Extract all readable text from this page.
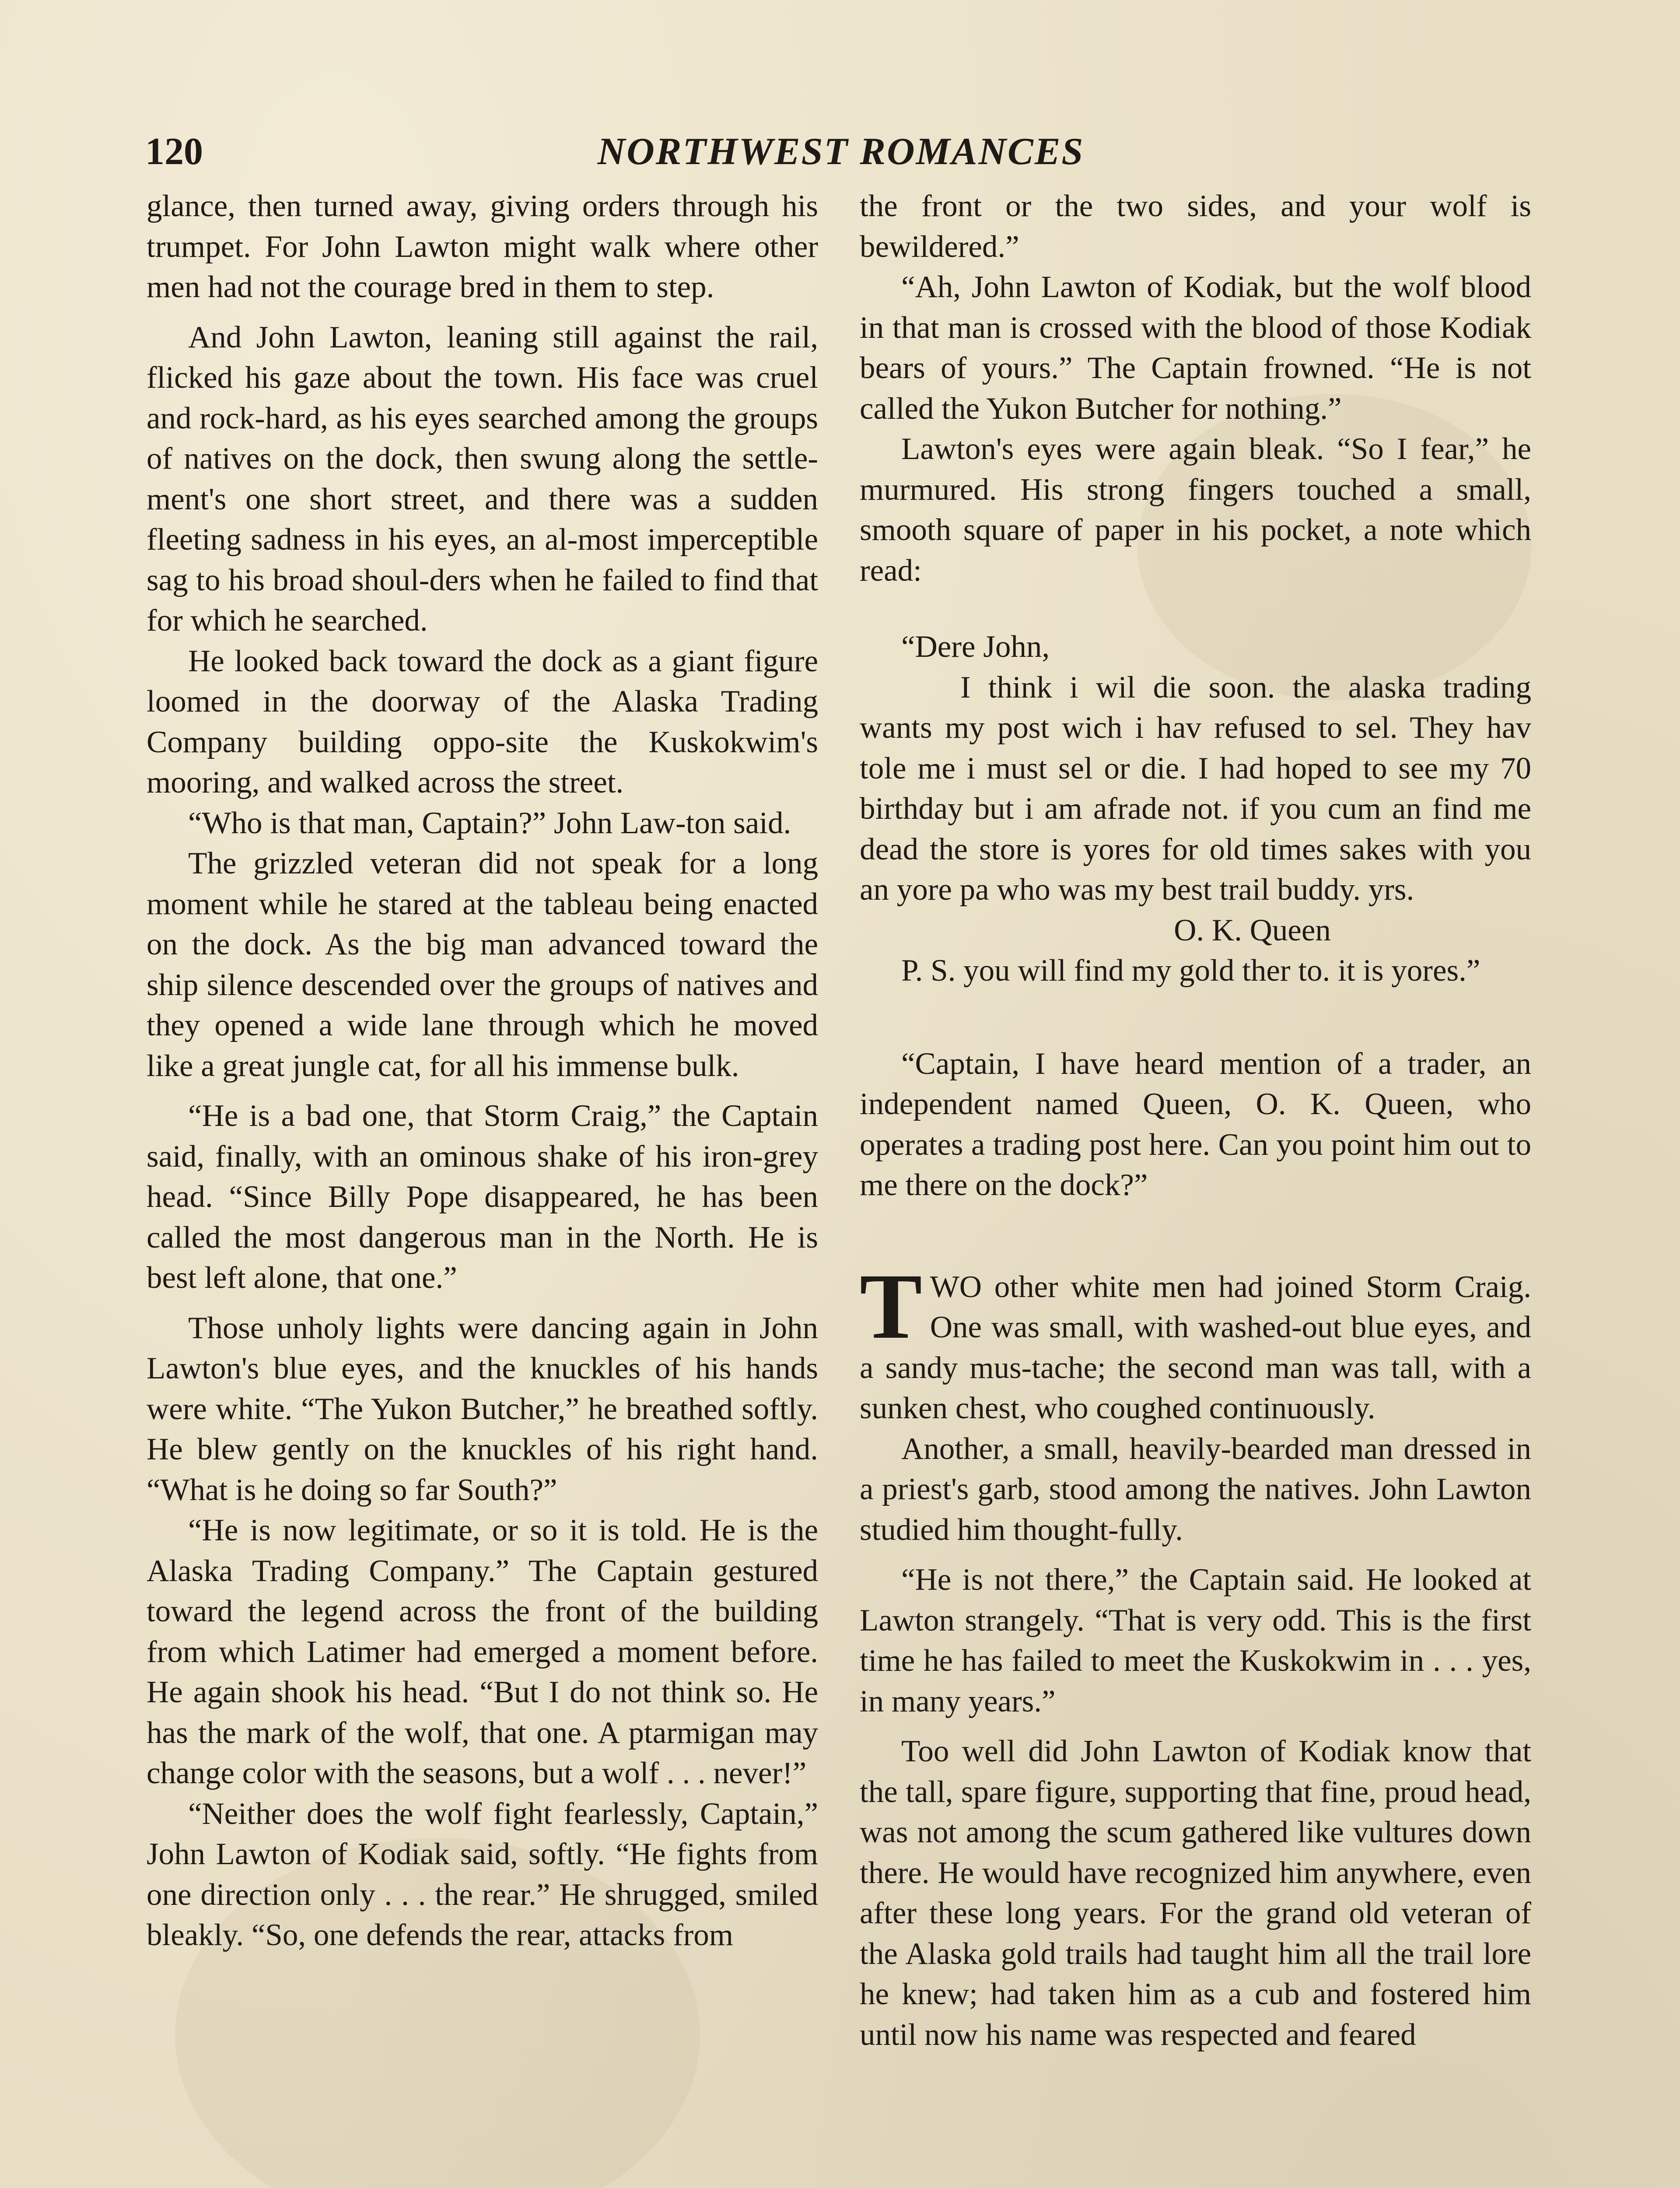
120	NORTHWEST ROMANCES

glance, then turned away, giving orders through his trumpet. For John Lawton might walk where other men had not the courage bred in them to step.

And John Lawton, leaning still against the rail, flicked his gaze about the town. His face was cruel and rock-hard, as his eyes searched among the groups of natives on the dock, then swung along the settle-ment's one short street, and there was a sudden fleeting sadness in his eyes, an al-most imperceptible sag to his broad shoul-ders when he failed to find that for which he searched.

He looked back toward the dock as a giant figure loomed in the doorway of the Alaska Trading Company building oppo-site the Kuskokwim's mooring, and walked across the street.

“Who is that man, Captain?” John Law-ton said.

The grizzled veteran did not speak for a long moment while he stared at the tableau being enacted on the dock. As the big man advanced toward the ship silence descended over the groups of natives and they opened a wide lane through which he moved like a great jungle cat, for all his immense bulk.

“He is a bad one, that Storm Craig,” the Captain said, finally, with an ominous shake of his iron-grey head. “Since Billy Pope disappeared, he has been called the most dangerous man in the North. He is best left alone, that one.”

Those unholy lights were dancing again in John Lawton's blue eyes, and the knuckles of his hands were white. “The Yukon Butcher,” he breathed softly. He blew gently on the knuckles of his right hand. “What is he doing so far South?”

“He is now legitimate, or so it is told. He is the Alaska Trading Company.” The Captain gestured toward the legend across the front of the building from which Latimer had emerged a moment before. He again shook his head. “But I do not think so. He has the mark of the wolf, that one. A ptarmigan may change color with the seasons, but a wolf . . . never!”

“Neither does the wolf fight fearlessly, Captain,” John Lawton of Kodiak said, softly. “He fights from one direction only . . . the rear.” He shrugged, smiled bleakly. “So, one defends the rear, attacks from

the front or the two sides, and your wolf is bewildered.”

“Ah, John Lawton of Kodiak, but the wolf blood in that man is crossed with the blood of those Kodiak bears of yours.” The Captain frowned. “He is not called the Yukon Butcher for nothing.”

Lawton's eyes were again bleak. “So I fear,” he murmured. His strong fingers touched a small, smooth square of paper in his pocket, a note which read:

“Dere John,

I think i wil die soon. the alaska trading wants my post wich i hav refused to sel. They hav tole me i must sel or die. I had hoped to see my 70 birthday but i am afrade not. if you cum an find me dead the store is yores for old times sakes with you an yore pa who was my best trail buddy. yrs.

O. K. Queen

P. S. you will find my gold ther to. it is yores.”

“Captain, I have heard mention of a trader, an independent named Queen, O. K. Queen, who operates a trading post here. Can you point him out to me there on the dock?”

TWO other white men had joined Storm Craig. One was small, with washed-out blue eyes, and a sandy mus-tache; the second man was tall, with a sunken chest, who coughed continuously.

Another, a small, heavily-bearded man dressed in a priest's garb, stood among the natives. John Lawton studied him thought-fully.

“He is not there,” the Captain said. He looked at Lawton strangely. “That is very odd. This is the first time he has failed to meet the Kuskokwim in . . . yes, in many years.”

Too well did John Lawton of Kodiak know that the tall, spare figure, supporting that fine, proud head, was not among the scum gathered like vultures down there. He would have recognized him anywhere, even after these long years. For the grand old veteran of the Alaska gold trails had taught him all the trail lore he knew; had taken him as a cub and fostered him until now his name was respected and feared
